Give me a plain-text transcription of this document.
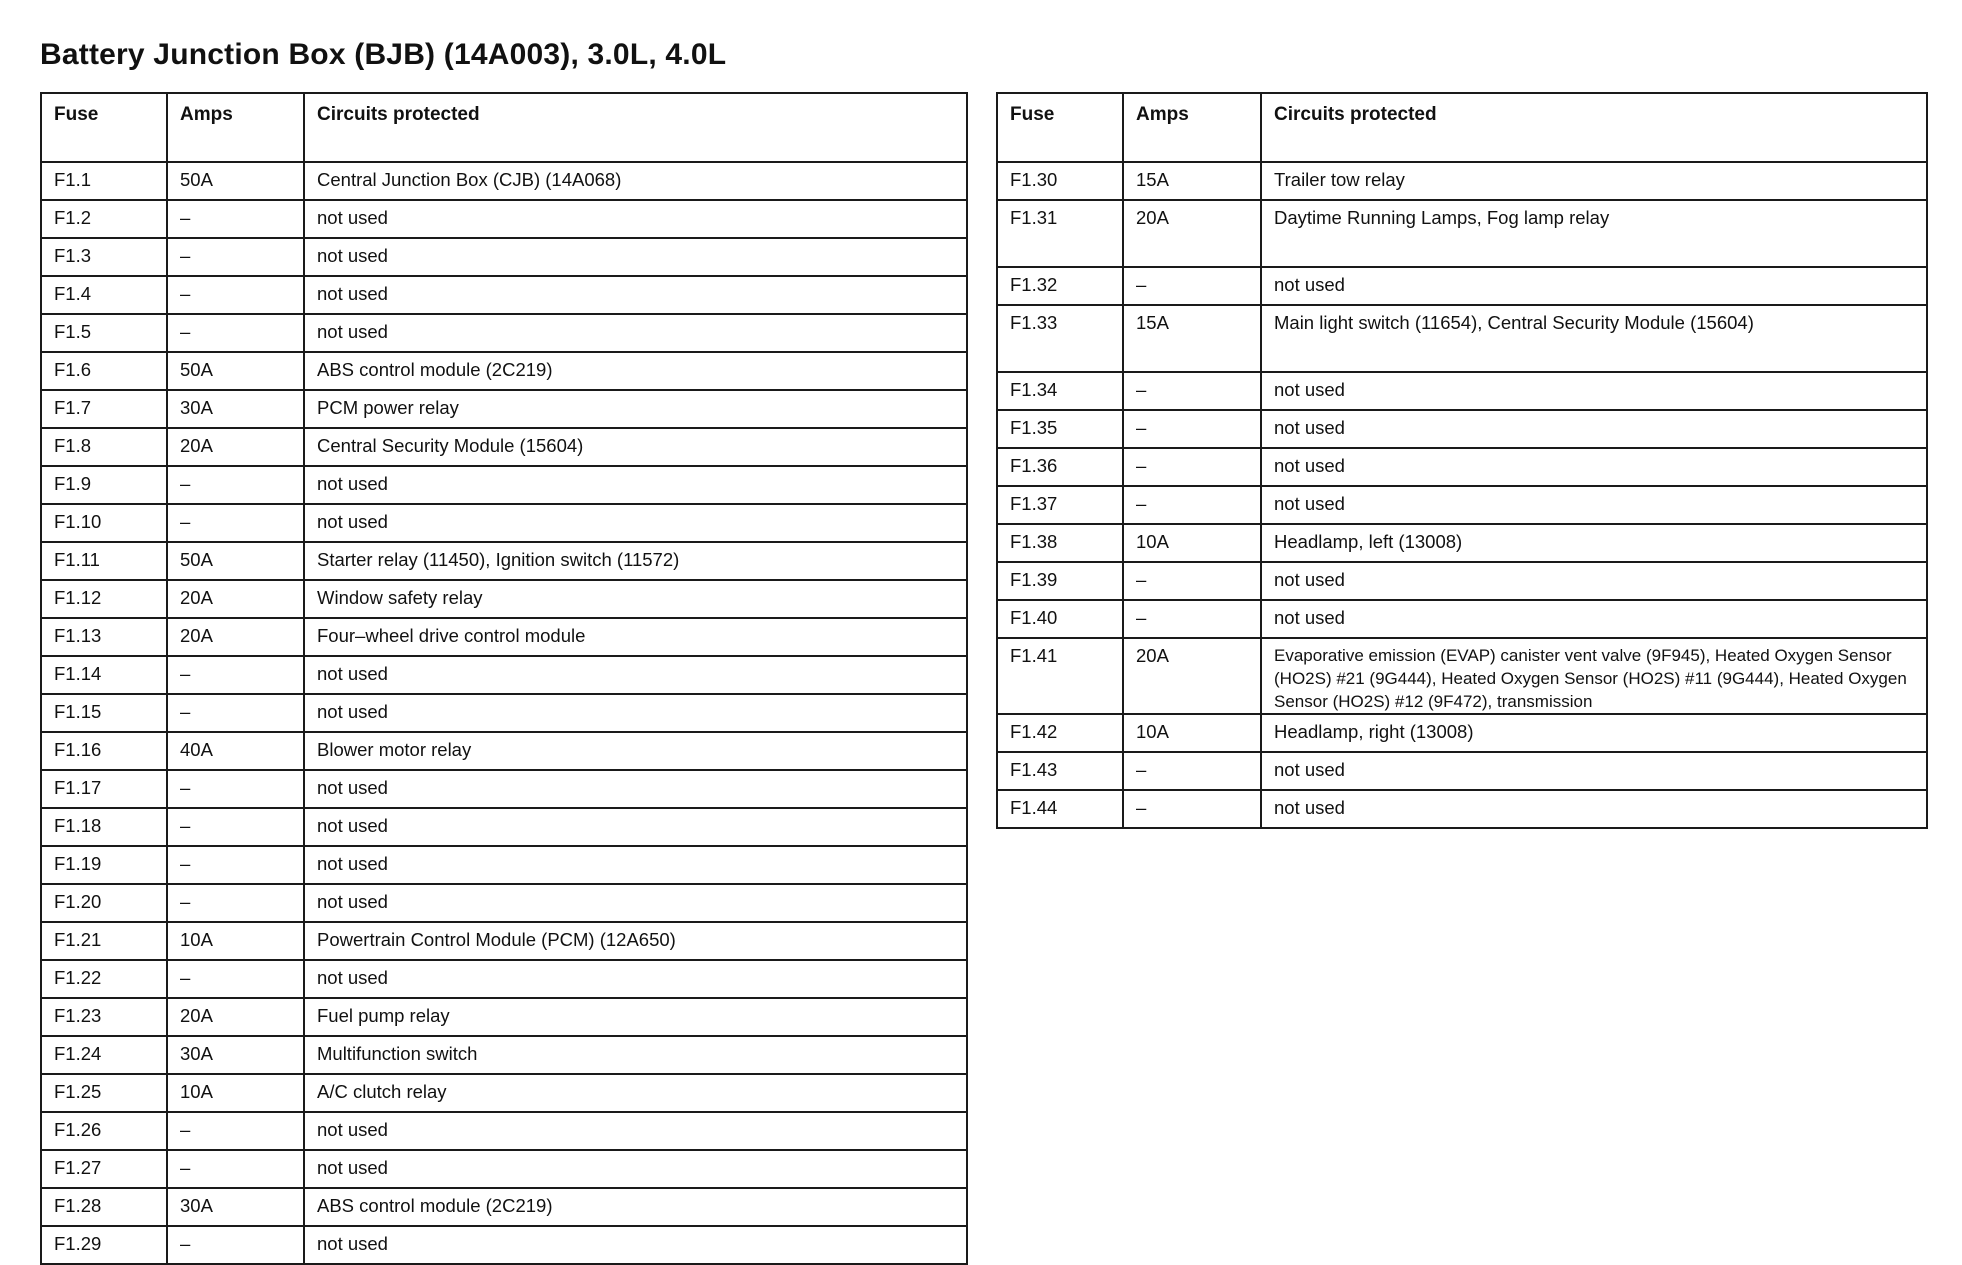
Battery Junction Box (BJB) (14A003), 3.0L, 4.0L
Fuse	Amps	Circuits protected
F1.1	50A	Central Junction Box (CJB) (14A068)
F1.2	–	not used
F1.3	–	not used
F1.4	–	not used
F1.5	–	not used
F1.6	50A	ABS control module (2C219)
F1.7	30A	PCM power relay
F1.8	20A	Central Security Module (15604)
F1.9	–	not used
F1.10	–	not used
F1.11	50A	Starter relay (11450), Ignition switch (11572)
F1.12	20A	Window safety relay
F1.13	20A	Four–wheel drive control module
F1.14	–	not used
F1.15	–	not used
F1.16	40A	Blower motor relay
F1.17	–	not used
F1.18	–	not used
F1.19	–	not used
F1.20	–	not used
F1.21	10A	Powertrain Control Module (PCM) (12A650)
F1.22	–	not used
F1.23	20A	Fuel pump relay
F1.24	30A	Multifunction switch
F1.25	10A	A/C clutch relay
F1.26	–	not used
F1.27	–	not used
F1.28	30A	ABS control module (2C219)
F1.29	–	not used
Fuse	Amps	Circuits protected
F1.30	15A	Trailer tow relay
F1.31	20A	Daytime Running Lamps, Fog lamp relay
F1.32	–	not used
F1.33	15A	Main light switch (11654), Central Security Module (15604)
F1.34	–	not used
F1.35	–	not used
F1.36	–	not used
F1.37	–	not used
F1.38	10A	Headlamp, left (13008)
F1.39	–	not used
F1.40	–	not used
F1.41	20A	Evaporative emission (EVAP) canister vent valve (9F945), Heated Oxygen Sensor (HO2S) #21 (9G444), Heated Oxygen Sensor (HO2S) #11 (9G444), Heated Oxygen Sensor (HO2S) #12 (9F472), transmission
F1.42	10A	Headlamp, right (13008)
F1.43	–	not used
F1.44	–	not used
